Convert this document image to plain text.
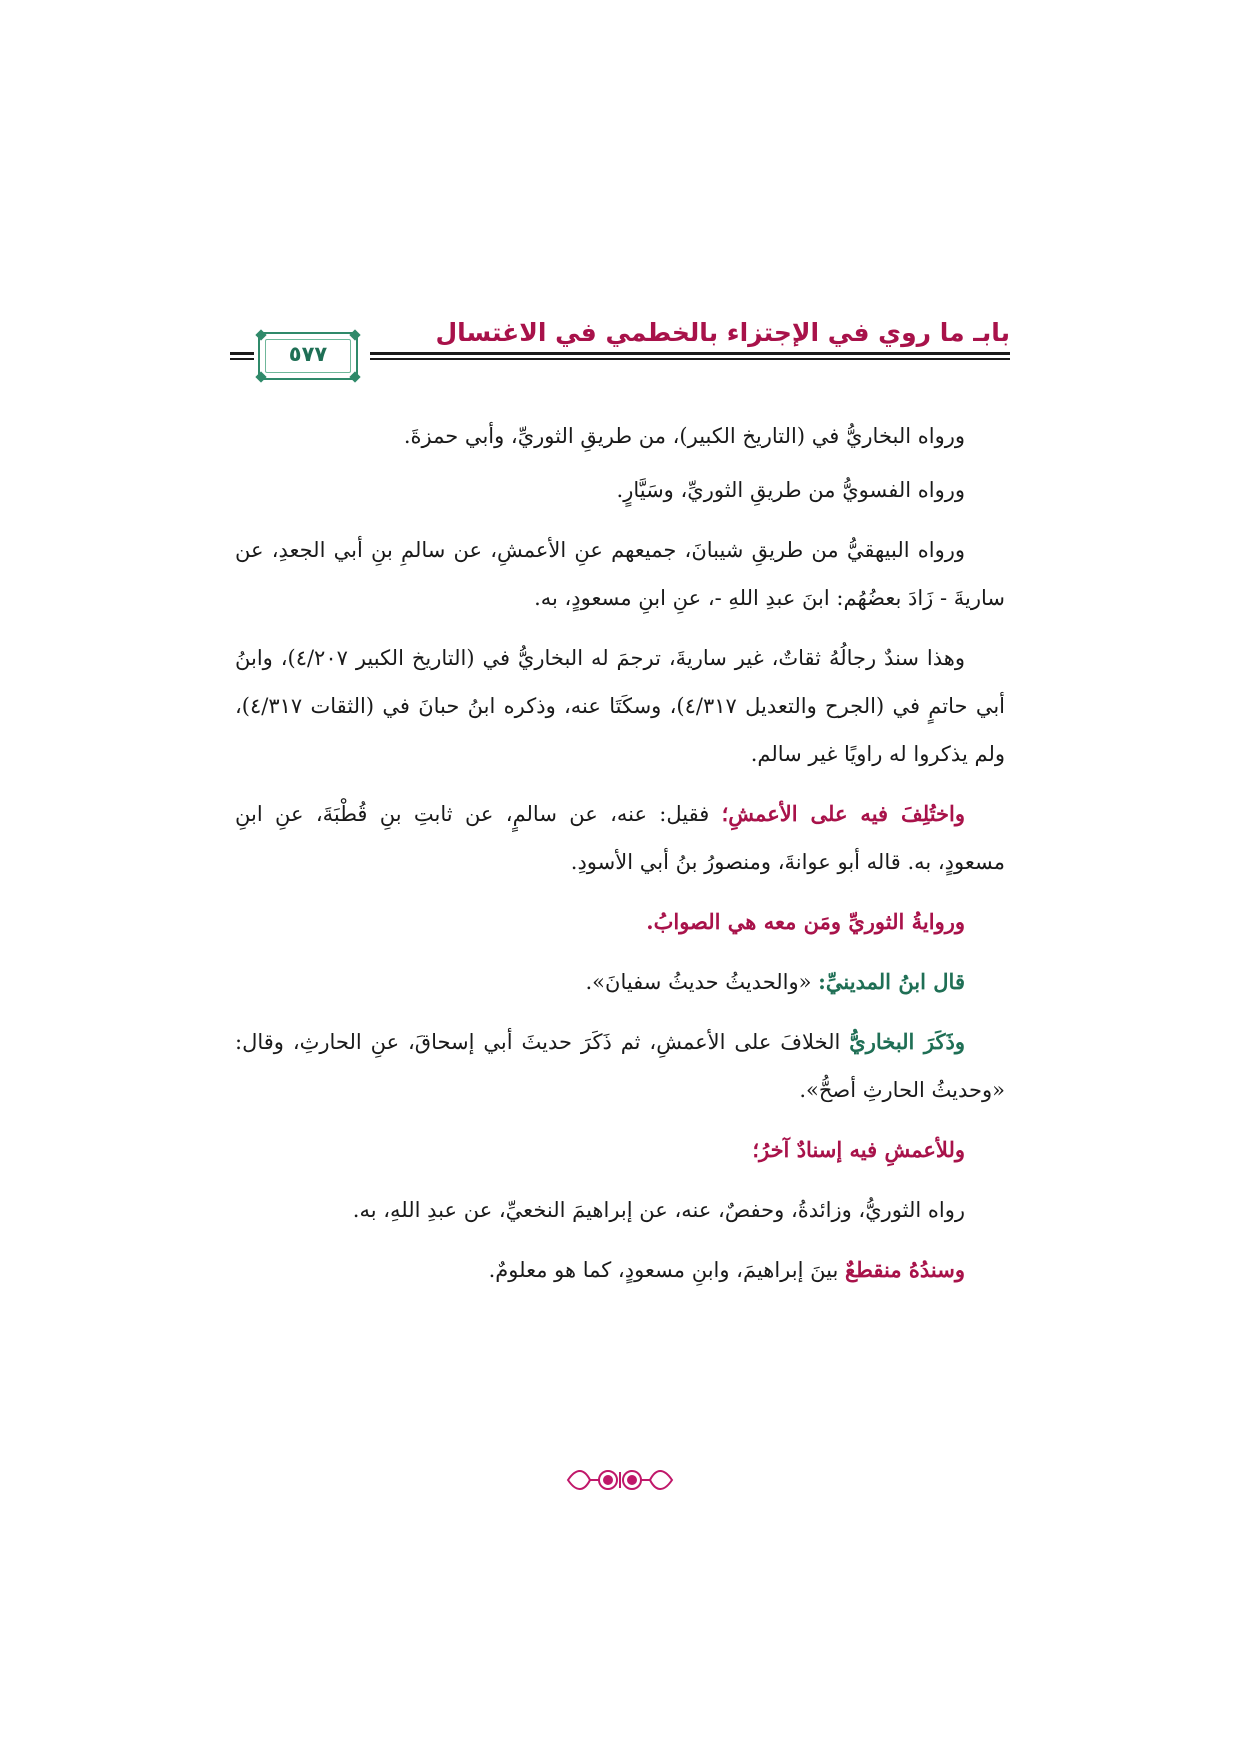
بابـ ما روي في الإجتزاء بالخطمي في الاغتسال
٥٧٧

ورواه البخاريُّ في (التاريخ الكبير)، من طريقِ الثوريِّ، وأبي حمزةَ.

ورواه الفسويُّ من طريقِ الثوريِّ، وسَيَّارٍ.

ورواه البيهقيُّ من طريقِ شيبانَ، جميعهم عنِ الأعمشِ، عن سالمِ بنِ أبي الجعدِ، عن ساريةَ - زَادَ بعضُهُم: ابنَ عبدِ اللهِ -، عنِ ابنِ مسعودٍ، به.

وهذا سندٌ رجالُهُ ثقاتٌ، غير ساريةَ، ترجمَ له البخاريُّ في (التاريخ الكبير ٤/٢٠٧)، وابنُ أبي حاتمٍ في (الجرح والتعديل ٤/٣١٧)، وسكَتَا عنه، وذكره ابنُ حبانَ في (الثقات ٤/٣١٧)، ولم يذكروا له راويًا غير سالم.

واختُلِفَ فيه على الأعمشِ؛ فقيل: عنه، عن سالمٍ، عن ثابتِ بنِ قُطْبَةَ، عنِ ابنِ مسعودٍ، به. قاله أبو عوانةَ، ومنصورُ بنُ أبي الأسودِ.

وروايةُ الثوريِّ ومَن معه هي الصوابُ.

قال ابنُ المدينيِّ: «والحديثُ حديثُ سفيانَ».

وذَكَرَ البخاريُّ الخلافَ على الأعمشِ، ثم ذَكَرَ حديثَ أبي إسحاقَ، عنِ الحارثِ، وقال: «وحديثُ الحارثِ أصحُّ».

وللأعمشِ فيه إسنادٌ آخرُ؛

رواه الثوريُّ، وزائدةُ، وحفصٌ، عنه، عن إبراهيمَ النخعيِّ، عن عبدِ اللهِ، به.

وسندُهُ منقطعٌ بينَ إبراهيمَ، وابنِ مسعودٍ، كما هو معلومٌ.
